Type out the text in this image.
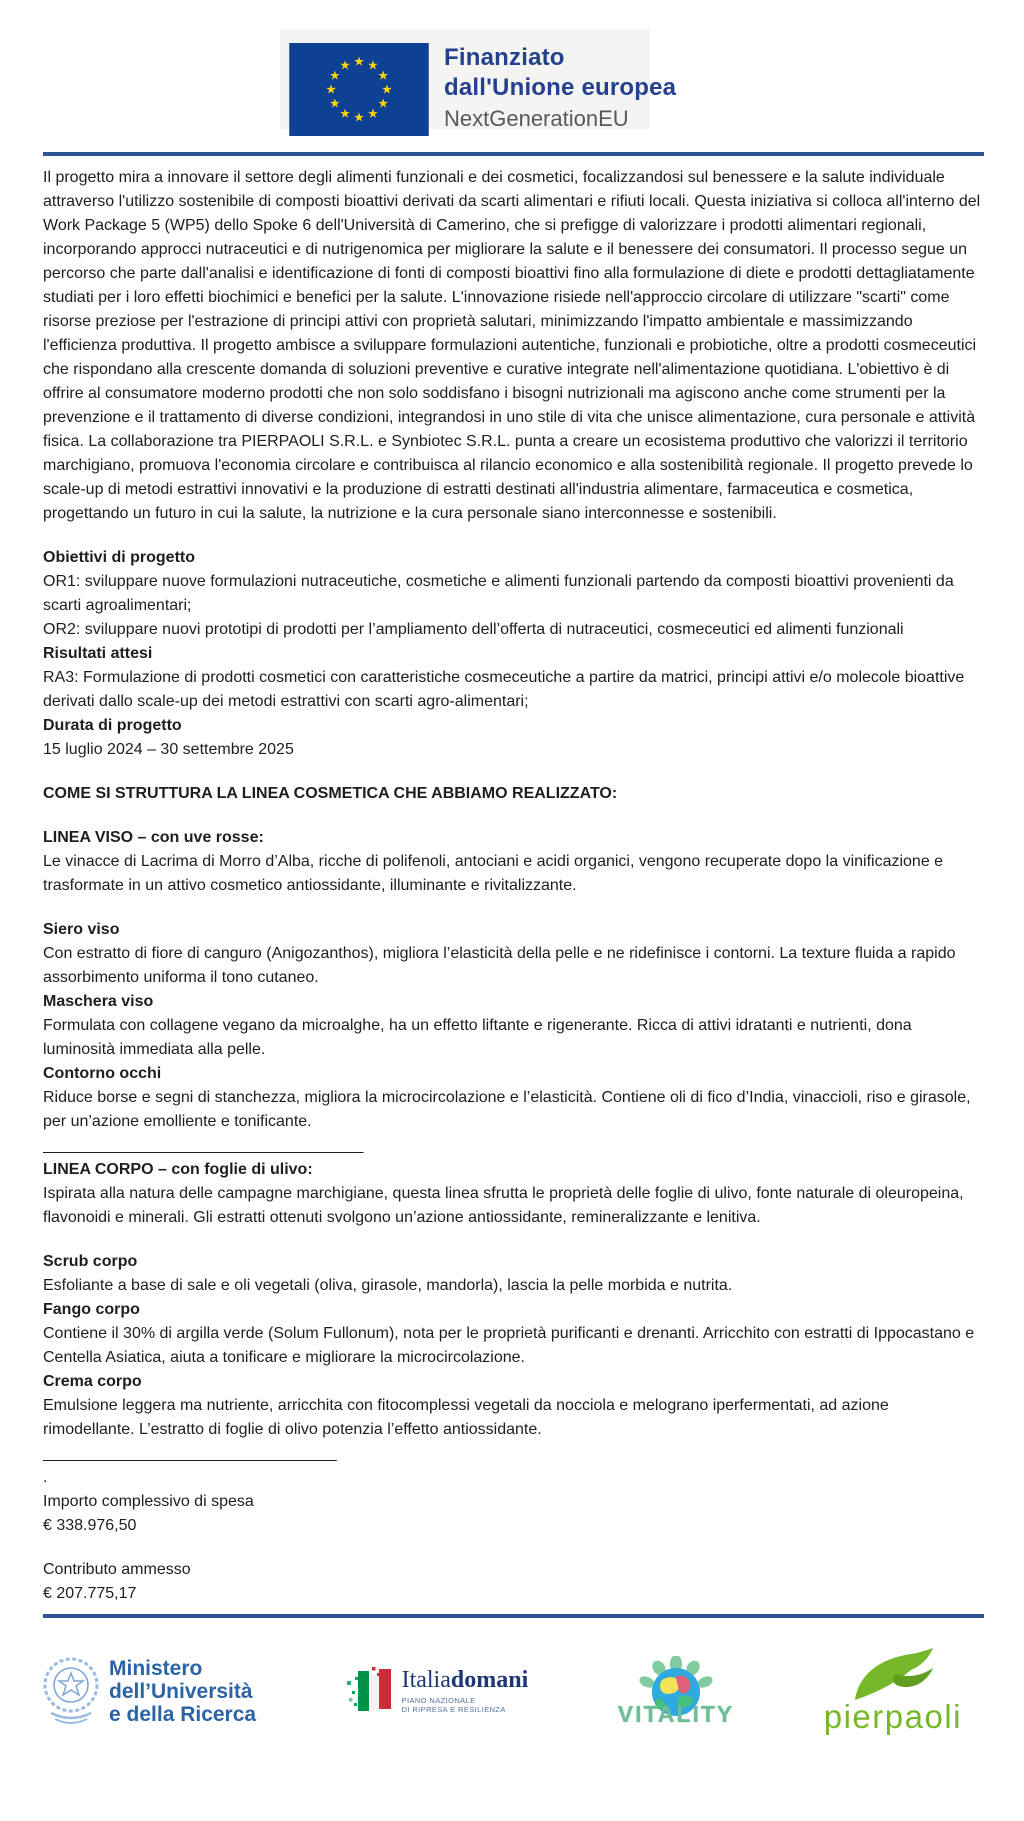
Finanziato
dall'Unione europea
NextGenerationEU

Il progetto mira a innovare il settore degli alimenti funzionali e dei cosmetici, focalizzandosi sul benessere e la salute individuale attraverso l'utilizzo sostenibile di composti bioattivi derivati da scarti alimentari e rifiuti locali. Questa iniziativa si colloca all'interno del Work Package 5 (WP5) dello Spoke 6 dell'Università di Camerino, che si prefigge di valorizzare i prodotti alimentari regionali, incorporando approcci nutraceutici e di nutrigenomica per migliorare la salute e il benessere dei consumatori. Il processo segue un percorso che parte dall'analisi e identificazione di fonti di composti bioattivi fino alla formulazione di diete e prodotti dettagliatamente studiati per i loro effetti biochimici e benefici per la salute. L'innovazione risiede nell'approccio circolare di utilizzare "scarti" come risorse preziose per l'estrazione di principi attivi con proprietà salutari, minimizzando l'impatto ambientale e massimizzando l'efficienza produttiva. Il progetto ambisce a sviluppare formulazioni autentiche, funzionali e probiotiche, oltre a prodotti cosmeceutici che rispondano alla crescente domanda di soluzioni preventive e curative integrate nell'alimentazione quotidiana. L'obiettivo è di offrire al consumatore moderno prodotti che non solo soddisfano i bisogni nutrizionali ma agiscono anche come strumenti per la prevenzione e il trattamento di diverse condizioni, integrandosi in uno stile di vita che unisce alimentazione, cura personale e attività fisica. La collaborazione tra PIERPAOLI S.R.L. e Synbiotec S.R.L. punta a creare un ecosistema produttivo che valorizzi il territorio marchigiano, promuova l'economia circolare e contribuisca al rilancio economico e alla sostenibilità regionale. Il progetto prevede lo scale-up di metodi estrattivi innovativi e la produzione di estratti destinati all'industria alimentare, farmaceutica e cosmetica, progettando un futuro in cui la salute, la nutrizione e la cura personale siano interconnesse e sostenibili.

Obiettivi di progetto

OR1: sviluppare nuove formulazioni nutraceutiche, cosmetiche e alimenti funzionali partendo da composti bioattivi provenienti da scarti agroalimentari;

OR2: sviluppare nuovi prototipi di prodotti per l’ampliamento dell’offerta di nutraceutici, cosmeceutici ed alimenti funzionali

Risultati attesi

RA3: Formulazione di prodotti cosmetici con caratteristiche cosmeceutiche a partire da matrici, principi attivi e/o molecole bioattive derivati dallo scale-up dei metodi estrattivi con scarti agro-alimentari;

Durata di progetto

15 luglio 2024 – 30 settembre 2025

COME SI STRUTTURA LA LINEA COSMETICA CHE ABBIAMO REALIZZATO:

LINEA VISO – con uve rosse:

Le vinacce di Lacrima di Morro d’Alba, ricche di polifenoli, antociani e acidi organici, vengono recuperate dopo la vinificazione e trasformate in un attivo cosmetico antiossidante, illuminante e rivitalizzante.

Siero viso

Con estratto di fiore di canguro (Anigozanthos), migliora l’elasticità della pelle e ne ridefinisce i contorni. La texture fluida a rapido assorbimento uniforma il tono cutaneo.

Maschera viso

Formulata con collagene vegano da microalghe, ha un effetto liftante e rigenerante. Ricca di attivi idratanti e nutrienti, dona luminosità immediata alla pelle.

Contorno occhi

Riduce borse e segni di stanchezza, migliora la microcircolazione e l’elasticità. Contiene oli di fico d’India, vinaccioli, riso e girasole, per un’azione emolliente e tonificante.

____________________________________

LINEA CORPO – con foglie di ulivo:

Ispirata alla natura delle campagne marchigiane, questa linea sfrutta le proprietà delle foglie di ulivo, fonte naturale di oleuropeina, flavonoidi e minerali. Gli estratti ottenuti svolgono un’azione antiossidante, remineralizzante e lenitiva.

Scrub corpo

Esfoliante a base di sale e oli vegetali (oliva, girasole, mandorla), lascia la pelle morbida e nutrita.

Fango corpo

Contiene il 30% di argilla verde (Solum Fullonum), nota per le proprietà purificanti e drenanti. Arricchito con estratti di Ippocastano e Centella Asiatica, aiuta a tonificare e migliorare la microcircolazione.

Crema corpo

Emulsione leggera ma nutriente, arricchita con fitocomplessi vegetali da nocciola e melograno iperfermentati, ad azione rimodellante. L’estratto di foglie di olivo potenzia l’effetto antiossidante.

_________________________________

.

Importo complessivo di spesa

€ 338.976,50

Contributo ammesso

€ 207.775,17

Ministero
dell’Università
e della Ricerca
Italiadomani
PIANO NAZIONALE
DI RIPRESA E RESILIENZA	VITALITY	pierpaoli
